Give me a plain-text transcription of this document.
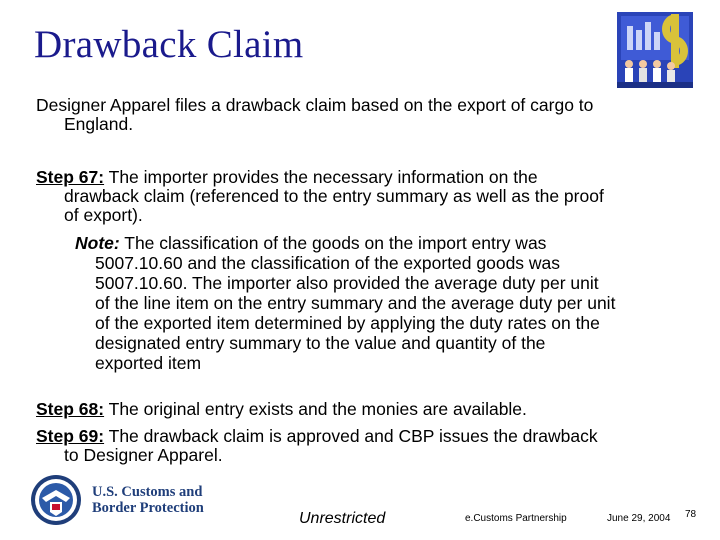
Drawback Claim
Designer Apparel files a drawback claim based on the export of cargo to
England.
Step 67: The importer provides the necessary information on the
drawback claim (referenced to the entry summary as well as the proof
of export).
Note: The classification of the goods on the import entry was
5007.10.60 and the classification of the exported goods was
5007.10.60. The importer also provided the average duty per unit
of the line item on the entry summary and the average duty per unit
of the exported item determined by applying the duty rates on the
designated entry summary to the value and quantity of the
exported item
Step 68: The original entry exists and the monies are available.
Step 69: The drawback claim is approved and CBP issues the drawback
to Designer Apparel.
U.S. Customs and
Border Protection
Unrestricted	e.Customs Partnership	June 29, 2004 78
